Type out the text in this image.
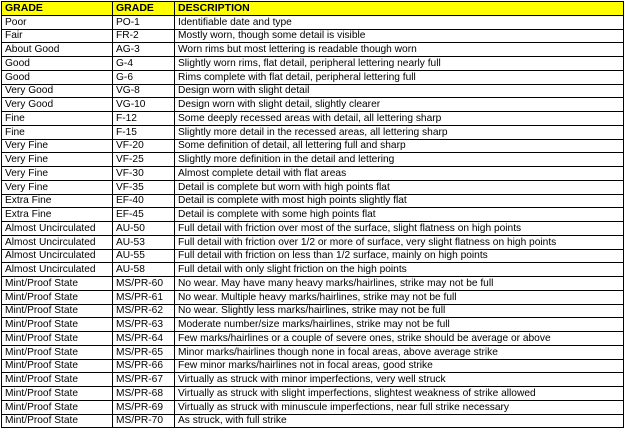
GRADE	GRADE	DESCRIPTION
Poor	PO-1	Identifiable date and type
Fair	FR-2	Mostly worn, though some detail is visible
About Good	AG-3	Worn rims but most lettering is readable though worn
Good	G-4	Slightly worn rims, flat detail, peripheral lettering nearly full
Good	G-6	Rims complete with flat detail, peripheral lettering full
Very Good	VG-8	Design worn with slight detail
Very Good	VG-10	Design worn with slight detail, slightly clearer
Fine	F-12	Some deeply recessed areas with detail, all lettering sharp
Fine	F-15	Slightly more detail in the recessed areas, all lettering sharp
Very Fine	VF-20	Some definition of detail, all lettering full and sharp
Very Fine	VF-25	Slightly more definition in the detail and lettering
Very Fine	VF-30	Almost complete detail with flat areas
Very Fine	VF-35	Detail is complete but worn with high points flat
Extra Fine	EF-40	Detail is complete with most high points slightly flat
Extra Fine	EF-45	Detail is complete with some high points flat
Almost Uncirculated	AU-50	Full detail with friction over most of the surface, slight flatness on high points
Almost Uncirculated	AU-53	Full detail with friction over 1/2 or more of surface, very slight flatness on high points
Almost Uncirculated	AU-55	Full detail with friction on less than 1/2 surface, mainly on high points
Almost Uncirculated	AU-58	Full detail with only slight friction on the high points
Mint/Proof State	MS/PR-60	No wear. May have many heavy marks/hairlines, strike may not be full
Mint/Proof State	MS/PR-61	No wear. Multiple heavy marks/hairlines, strike may not be full
Mint/Proof State	MS/PR-62	No wear. Slightly less marks/hairlines, strike may not be full
Mint/Proof State	MS/PR-63	Moderate number/size marks/hairlines, strike may not be full
Mint/Proof State	MS/PR-64	Few marks/hairlines or a couple of severe ones, strike should be average or above
Mint/Proof State	MS/PR-65	Minor marks/hairlines though none in focal areas, above average strike
Mint/Proof State	MS/PR-66	Few minor marks/hairlines not in focal areas, good strike
Mint/Proof State	MS/PR-67	Virtually as struck with minor imperfections, very well struck
Mint/Proof State	MS/PR-68	Virtually as struck with slight imperfections, slightest weakness of strike allowed
Mint/Proof State	MS/PR-69	Virtually as struck with minuscule imperfections, near full strike necessary
Mint/Proof State	MS/PR-70	As struck, with full strike
